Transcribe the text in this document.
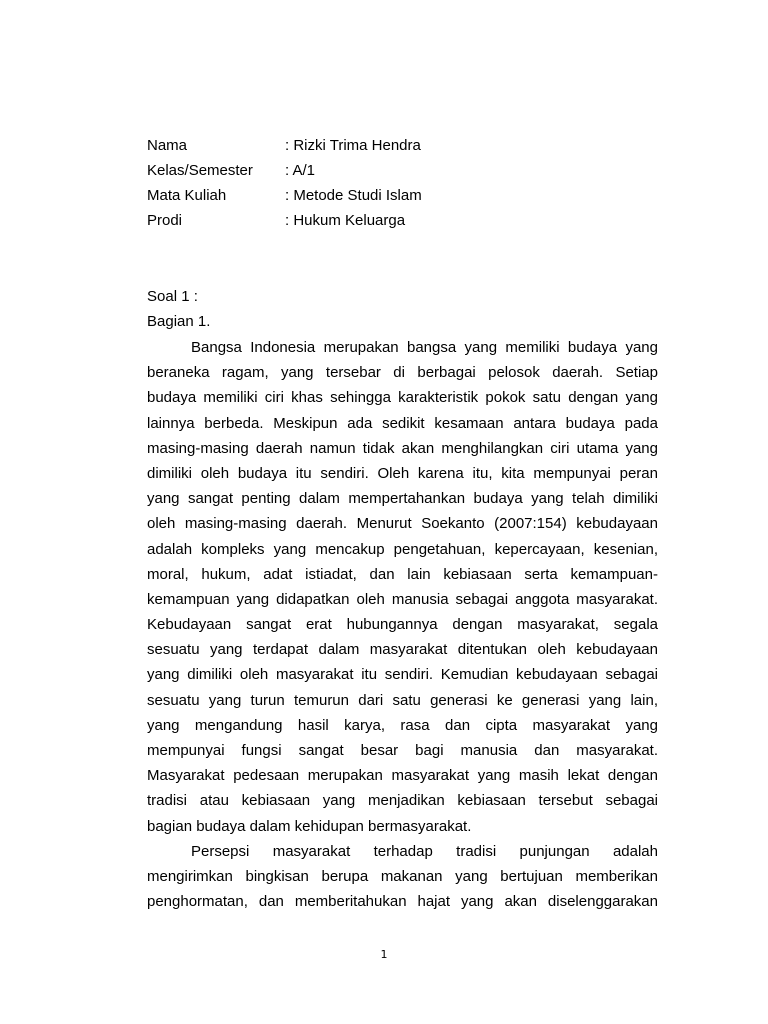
Nama	: Rizki Trima Hendra
Kelas/Semester	: A/1
Mata Kuliah	: Metode Studi Islam
Prodi	: Hukum Keluarga
Soal 1 :
Bagian 1.
Bangsa Indonesia merupakan bangsa yang memiliki budaya yang
beraneka ragam, yang tersebar di berbagai pelosok daerah. Setiap
budaya memiliki ciri khas sehingga karakteristik pokok satu dengan yang
lainnya berbeda. Meskipun ada sedikit kesamaan antara budaya pada
masing-masing daerah namun tidak akan menghilangkan ciri utama yang
dimiliki oleh budaya itu sendiri. Oleh karena itu, kita mempunyai peran
yang sangat penting dalam mempertahankan budaya yang telah dimiliki
oleh masing-masing daerah. Menurut Soekanto (2007:154) kebudayaan
adalah kompleks yang mencakup pengetahuan, kepercayaan, kesenian,
moral, hukum, adat istiadat, dan lain kebiasaan serta kemampuan-
kemampuan yang didapatkan oleh manusia sebagai anggota masyarakat.
Kebudayaan sangat erat hubungannya dengan masyarakat, segala
sesuatu yang terdapat dalam masyarakat ditentukan oleh kebudayaan
yang dimiliki oleh masyarakat itu sendiri. Kemudian kebudayaan sebagai
sesuatu yang turun temurun dari satu generasi ke generasi yang lain,
yang mengandung hasil karya, rasa dan cipta masyarakat yang
mempunyai fungsi sangat besar bagi manusia dan masyarakat.
Masyarakat pedesaan merupakan masyarakat yang masih lekat dengan
tradisi atau kebiasaan yang menjadikan kebiasaan tersebut sebagai
bagian budaya dalam kehidupan bermasyarakat.
Persepsi masyarakat terhadap tradisi punjungan adalah
mengirimkan bingkisan berupa makanan yang bertujuan memberikan
penghormatan, dan memberitahukan hajat yang akan diselenggarakan
1
